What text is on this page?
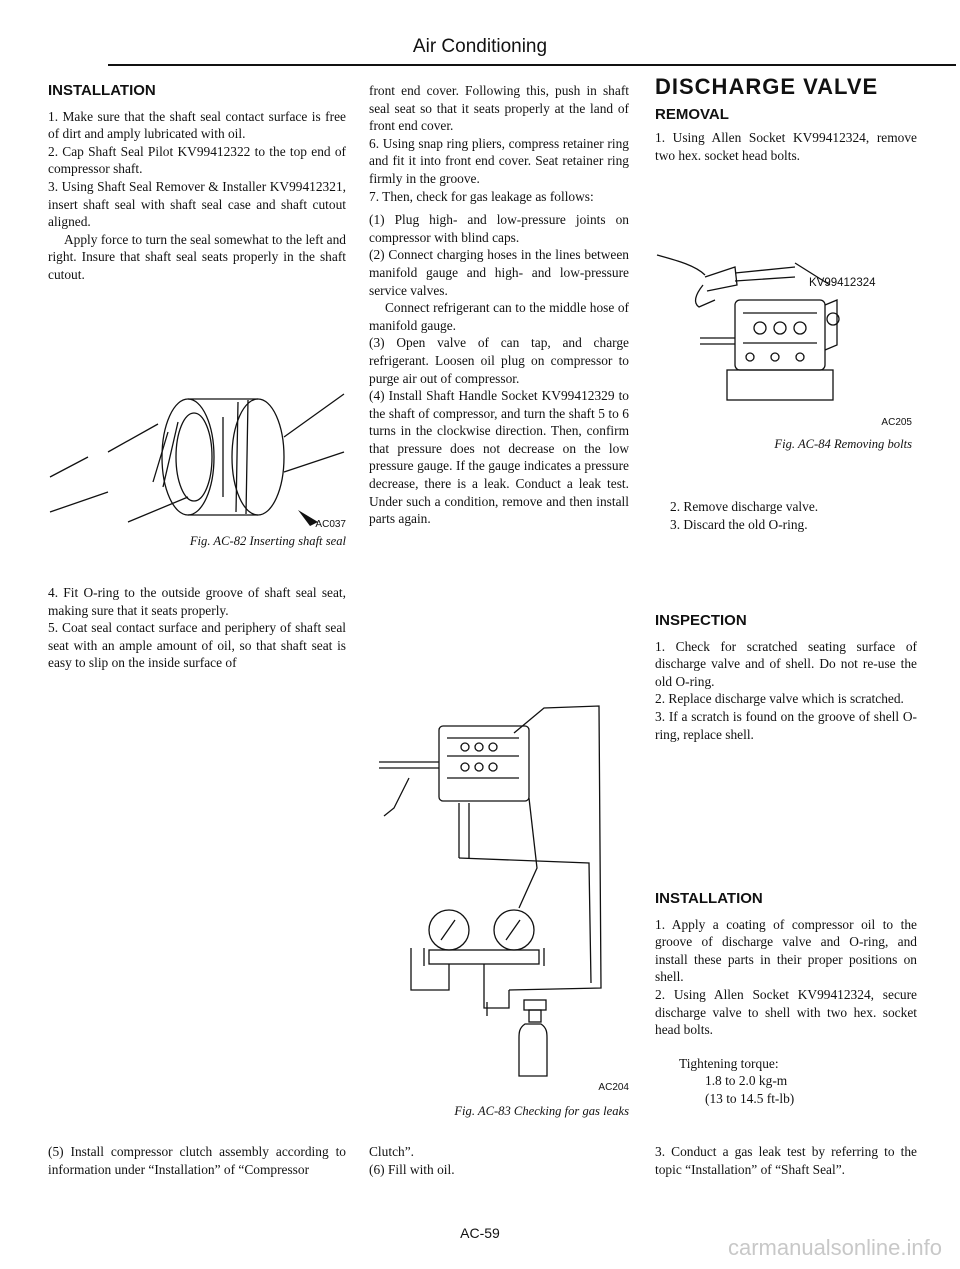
Air Conditioning

INSTALLATION

1. Make sure that the shaft seal contact surface is free of dirt and amply lubricated with oil.

2. Cap Shaft Seal Pilot KV99412322 to the top end of compressor shaft.

3. Using Shaft Seal Remover & Installer KV99412321, insert shaft seal with shaft seal case and shaft cutout aligned.

Apply force to turn the seal somewhat to the left and right. Insure that shaft seal seats properly in the shaft cutout.

AC037
Fig. AC-82 Inserting shaft seal

4. Fit O-ring to the outside groove of shaft seal seat, making sure that it seats properly.

5. Coat seal contact surface and periphery of shaft seal seat with an ample amount of oil, so that shaft seat is easy to slip on the inside surface of

(5) Install compressor clutch assembly according to information under “Installation” of “Compressor

front end cover. Following this, push in shaft seal seat so that it seats properly at the land of front end cover.

6. Using snap ring pliers, compress retainer ring and fit it into front end cover. Seat retainer ring firmly in the groove.

7. Then, check for gas leakage as follows:

(1) Plug high- and low-pressure joints on compressor with blind caps.

(2) Connect charging hoses in the lines between manifold gauge and high- and low-pressure service valves.

Connect refrigerant can to the middle hose of manifold gauge.

(3) Open valve of can tap, and charge refrigerant. Loosen oil plug on compressor to purge air out of compressor.

(4) Install Shaft Handle Socket KV99412329 to the shaft of compressor, and turn the shaft 5 to 6 turns in the clockwise direction. Then, confirm that pressure does not decrease on the low pressure gauge. If the gauge indicates a pressure decrease, there is a leak. Conduct a leak test. Under such a condition, remove and then install parts again.

AC204
Fig. AC-83 Checking for gas leaks

Clutch”.

(6) Fill with oil.

DISCHARGE VALVE

REMOVAL

1. Using Allen Socket KV99412324, remove two hex. socket head bolts.

KV99412324
AC205
Fig. AC-84 Removing bolts

2. Remove discharge valve.

3. Discard the old O-ring.

INSPECTION

1. Check for scratched seating surface of discharge valve and of shell. Do not re-use the old O-ring.

2. Replace discharge valve which is scratched.

3. If a scratch is found on the groove of shell O-ring, replace shell.

INSTALLATION

1. Apply a coating of compressor oil to the groove of discharge valve and O-ring, and install these parts in their proper positions on shell.

2. Using Allen Socket KV99412324, secure discharge valve to shell with two hex. socket head bolts.

Tightening torque:

1.8 to 2.0 kg-m

(13 to 14.5 ft-lb)

3. Conduct a gas leak test by referring to the topic “Installation” of “Shaft Seal”.

AC-59
carmanualsonline.info
